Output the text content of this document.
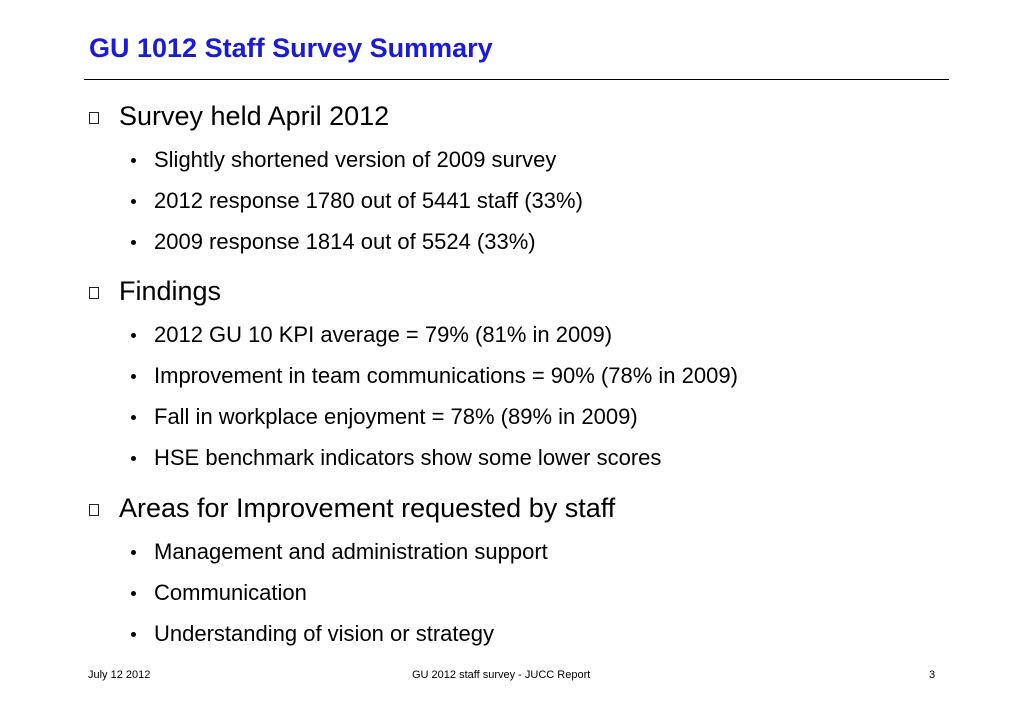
GU 1012 Staff Survey Summary
Survey held April 2012
Slightly shortened version of 2009 survey
2012 response 1780 out of 5441 staff (33%)
2009 response 1814 out of 5524 (33%)
Findings
2012 GU 10 KPI average = 79% (81% in 2009)
Improvement in team communications = 90% (78% in 2009)
Fall in workplace enjoyment = 78% (89% in 2009)
HSE benchmark indicators show some lower scores
Areas for Improvement requested by staff
Management and administration support
Communication
Understanding of vision or strategy
July 12 2012	GU 2012 staff survey - JUCC Report	3
